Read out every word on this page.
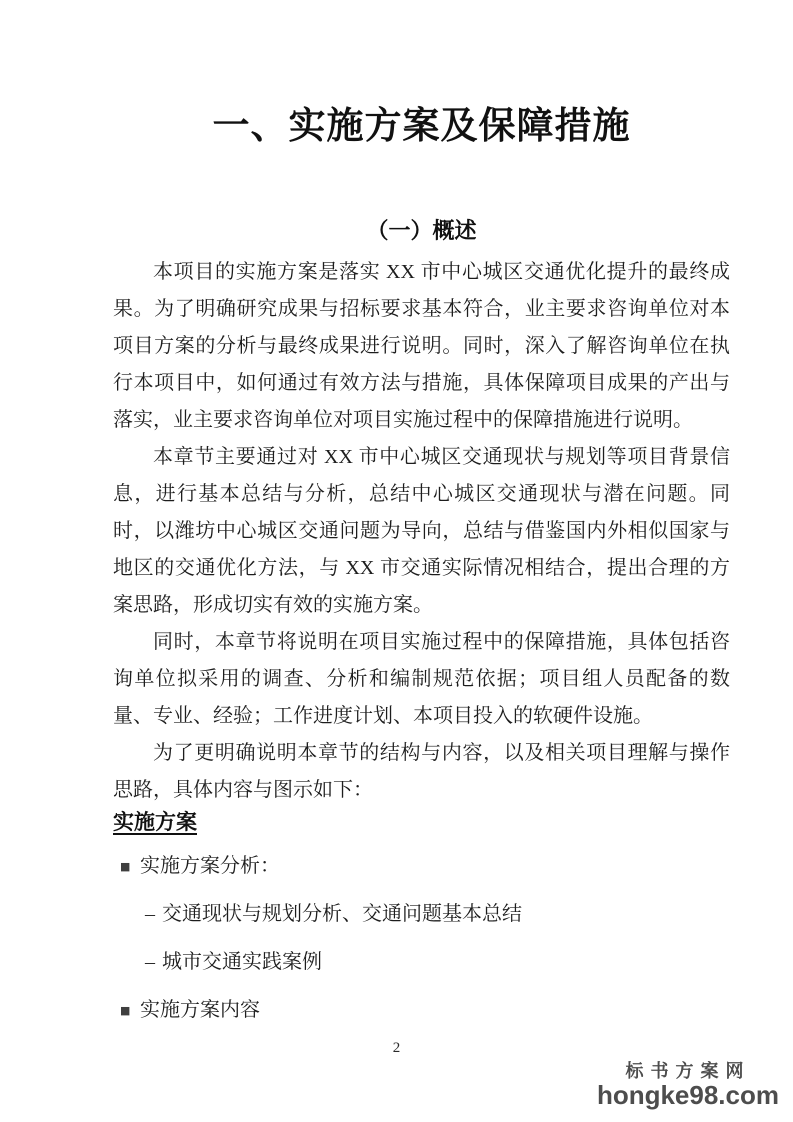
一、实施方案及保障措施
（一）概述

本项目的实施方案是落实 XX 市中心城区交通优化提升的最终成果。为了明确研究成果与招标要求基本符合，业主要求咨询单位对本项目方案的分析与最终成果进行说明。同时，深入了解咨询单位在执行本项目中，如何通过有效方法与措施，具体保障项目成果的产出与落实，业主要求咨询单位对项目实施过程中的保障措施进行说明。

本章节主要通过对 XX 市中心城区交通现状与规划等项目背景信息，进行基本总结与分析，总结中心城区交通现状与潜在问题。同时，以潍坊中心城区交通问题为导向，总结与借鉴国内外相似国家与地区的交通优化方法，与 XX 市交通实际情况相结合，提出合理的方案思路，形成切实有效的实施方案。

同时，本章节将说明在项目实施过程中的保障措施，具体包括咨询单位拟采用的调查、分析和编制规范依据；项目组人员配备的数量、专业、经验；工作进度计划、本项目投入的软硬件设施。

为了更明确说明本章节的结构与内容，以及相关项目理解与操作思路，具体内容与图示如下：

实施方案
■ 实施方案分析：
– 交通现状与规划分析、交通问题基本总结
– 城市交通实践案例
■ 实施方案内容
2
标书方案网
hongke98.com
